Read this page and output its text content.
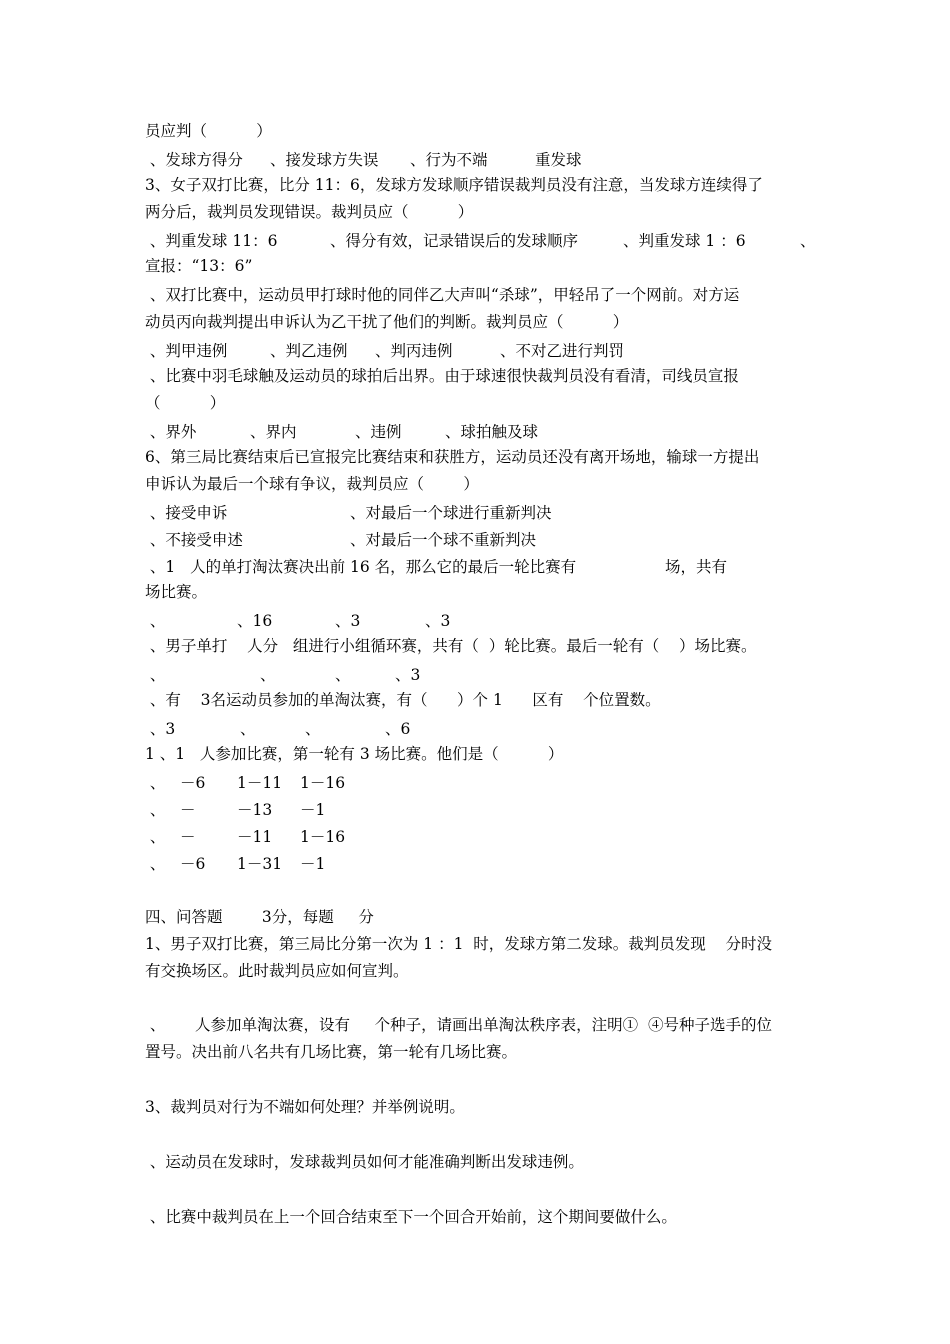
员应判（          ）
、发球方得分 、接发球方失误 、行为不端	重发球
3、女子双打比赛，比分 11：6，发球方发球顺序错误裁判员没有注意，当发球方连续得了
两分后，裁判员发现错误。裁判员应（          ）
、判重发球 11：6	、得分有效，记录错误后的发球顺序	、判重发球 1 ：6	、
宣报：“13：6”
、双打比赛中，运动员甲打球时他的同伴乙大声叫“杀球”，甲轻吊了一个网前。对方运
动员丙向裁判提出申诉认为乙干扰了他们的判断。裁判员应（          ）
、判甲违例	、判乙违例 、判丙违例	、不对乙进行判罚
、比赛中羽毛球触及运动员的球拍后出界。由于球速很快裁判员没有看清，司线员宣报
（          ）
、界外	、界内	、违例	、球拍触及球
6、第三局比赛结束后已宣报完比赛结束和获胜方，运动员还没有离开场地，输球一方提出
申诉认为最后一个球有争议，裁判员应（        ）
、接受申诉	、对最后一个球进行重新判决
、不接受申述	、对最后一个球不重新判决
、1   人的单打淘汰赛决出前 16 名，那么它的最后一轮比赛有	场，共有
场比赛。
、	、16	、3	、3
、男子单打    人分   组进行小组循环赛，共有（  ）轮比赛。最后一轮有（    ）场比赛。
、	、	、	、3
、有    3名运动员参加的单淘汰赛，有（      ）个 1      区有    个位置数。
、3	、	、	、6
1 、1   人参加比赛，第一轮有 3 场比赛。他们是（          ）
、 －6 1－11 1－16
、 －	－13 －1
、 －	－11 1－16
、 －6 1－31 －1
四、问答题        3分，每题     分
1、男子双打比赛，第三局比分第一次为 1 ：1  时，发球方第二发球。裁判员发现    分时没
有交换场区。此时裁判员应如何宣判。
、      人参加单淘汰赛，设有     个种子，请画出单淘汰秩序表，注明①  ④号种子选手的位
置号。决出前八名共有几场比赛，第一轮有几场比赛。
3、裁判员对行为不端如何处理？并举例说明。
、运动员在发球时，发球裁判员如何才能准确判断出发球违例。
、比赛中裁判员在上一个回合结束至下一个回合开始前，这个期间要做什么。
